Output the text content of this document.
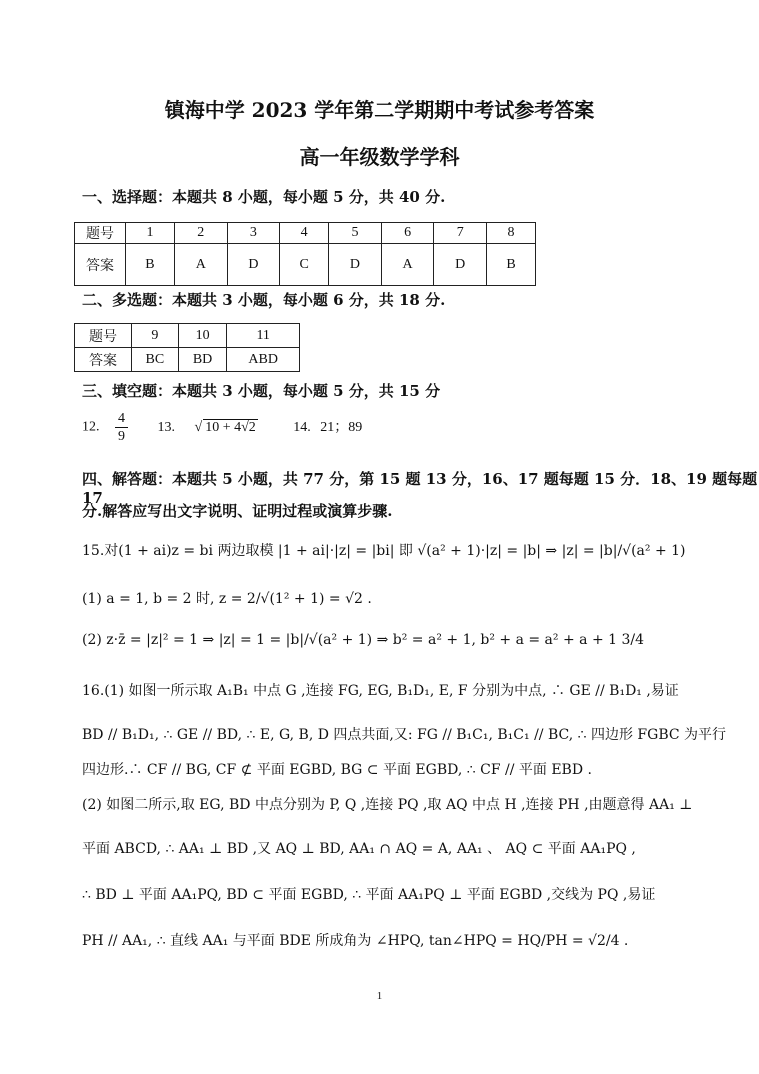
镇海中学 2023 学年第二学期期中考试参考答案
高一年级数学学科
一、选择题：本题共 8 小题，每小题 5 分，共 40 分.
题号	1	2	3	4	5	6	7	8
答案	B	A	D	C	D	A	D	B
二、多选题：本题共 3 小题，每小题 6 分，共 18 分.
题号	9	10	11
答案	BC	BD	ABD
三、填空题：本题共 3 小题，每小题 5 分，共 15 分
12. $\frac{4}{9} 13$. √ 10 + 4√2	14. 21；89
四、解答题：本题共 5 小题，共 77 分，第 15 题 13 分，16、17 题每题 15 分．18、19 题每题 17
分.解答应写出文字说明、证明过程或演算步骤.
15.对(1 + ai)z = bi 两边取模 |1 + ai|·|z| = |bi| 即 √(a² + 1)·|z| = |b| ⇒ |z| = |b|/√(a² + 1)
(1) a = 1, b = 2 时, z = 2/√(1² + 1) = √2 .
(2) z·z̄ = |z|² = 1 ⇒ |z| = 1 = |b|/√(a² + 1) ⇒ b² = a² + 1, b² + a = a² + a + 1 3/4
16.(1) 如图一所示取 A₁B₁ 中点 G ,连接 FG, EG, B₁D₁, E, F 分别为中点, ∴ GE // B₁D₁ ,易证
BD // B₁D₁, ∴ GE // BD, ∴ E, G, B, D 四点共面,又: FG // B₁C₁, B₁C₁ // BC, ∴ 四边形 FGBC 为平行
四边形.∴ CF // BG, CF ⊄ 平面 EGBD, BG ⊂ 平面 EGBD, ∴ CF // 平面 EBD .
(2) 如图二所示,取 EG, BD 中点分别为 P, Q ,连接 PQ ,取 AQ 中点 H ,连接 PH ,由题意得 AA₁ ⊥
平面 ABCD, ∴ AA₁ ⊥ BD ,又 AQ ⊥ BD, AA₁ ∩ AQ = A, AA₁ 、 AQ ⊂ 平面 AA₁PQ ,
∴ BD ⊥ 平面 AA₁PQ, BD ⊂ 平面 EGBD, ∴ 平面 AA₁PQ ⊥ 平面 EGBD ,交线为 PQ ,易证
PH // AA₁, ∴ 直线 AA₁ 与平面 BDE 所成角为 ∠HPQ, tan∠HPQ = HQ/PH = √2/4 .
1
